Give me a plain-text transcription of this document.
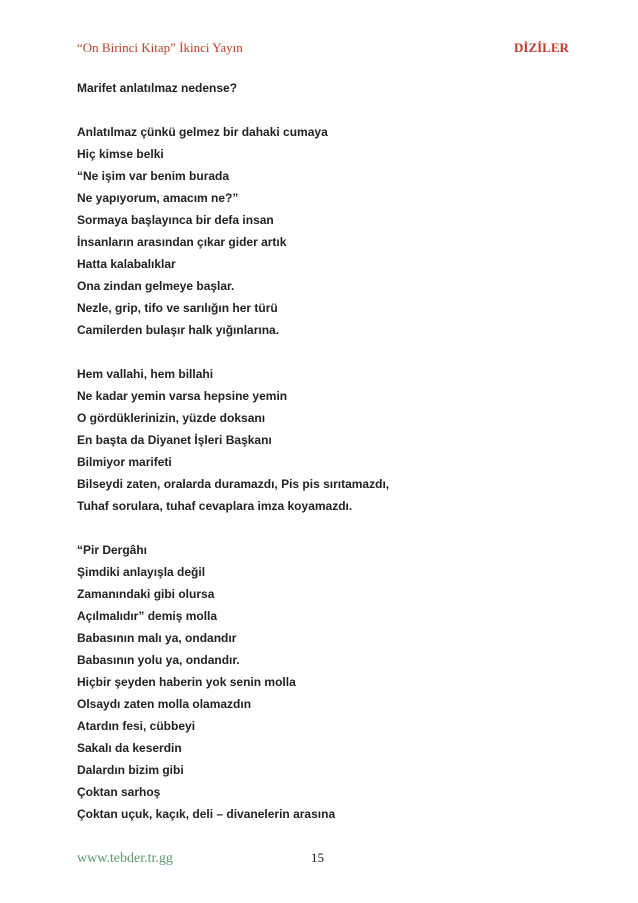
“On Birinci Kitap” İkinci Yayın	DİZİLER
Marifet anlatılmaz nedense?
Anlatılmaz çünkü gelmez bir dahaki cumaya
Hiç kimse belki
“Ne işim var benim burada
Ne yapıyorum, amacım ne?”
Sormaya başlayınca bir defa insan
İnsanların arasından çıkar gider artık
Hatta kalabalıklar
Ona zindan gelmeye başlar.
Nezle, grip, tifo ve sarılığın her türü
Camilerden bulaşır halk yığınlarına.
Hem vallahi, hem billahi
Ne kadar yemin varsa hepsine yemin
O gördüklerinizin, yüzde doksanı
En başta da Diyanet İşleri Başkanı
Bilmiyor marifeti
Bilseydi zaten, oralarda duramazdı, Pis pis sırıtamazdı,
Tuhaf sorulara, tuhaf cevaplara imza koyamazdı.
“Pir Dergâhı
Şimdiki anlayışla değil
Zamanındaki gibi olursa
Açılmalıdır” demiş molla
Babasının malı ya, ondandır
Babasının yolu ya, ondandır.
Hiçbir şeyden haberin yok senin molla
Olsaydı zaten molla olamazdın
Atardın fesi, cübbeyi
Sakalı da keserdin
Dalardın bizim gibi
Çoktan sarhoş
Çoktan uçuk, kaçık, deli – divanelerin arasına
www.tebder.tr.gg	15
